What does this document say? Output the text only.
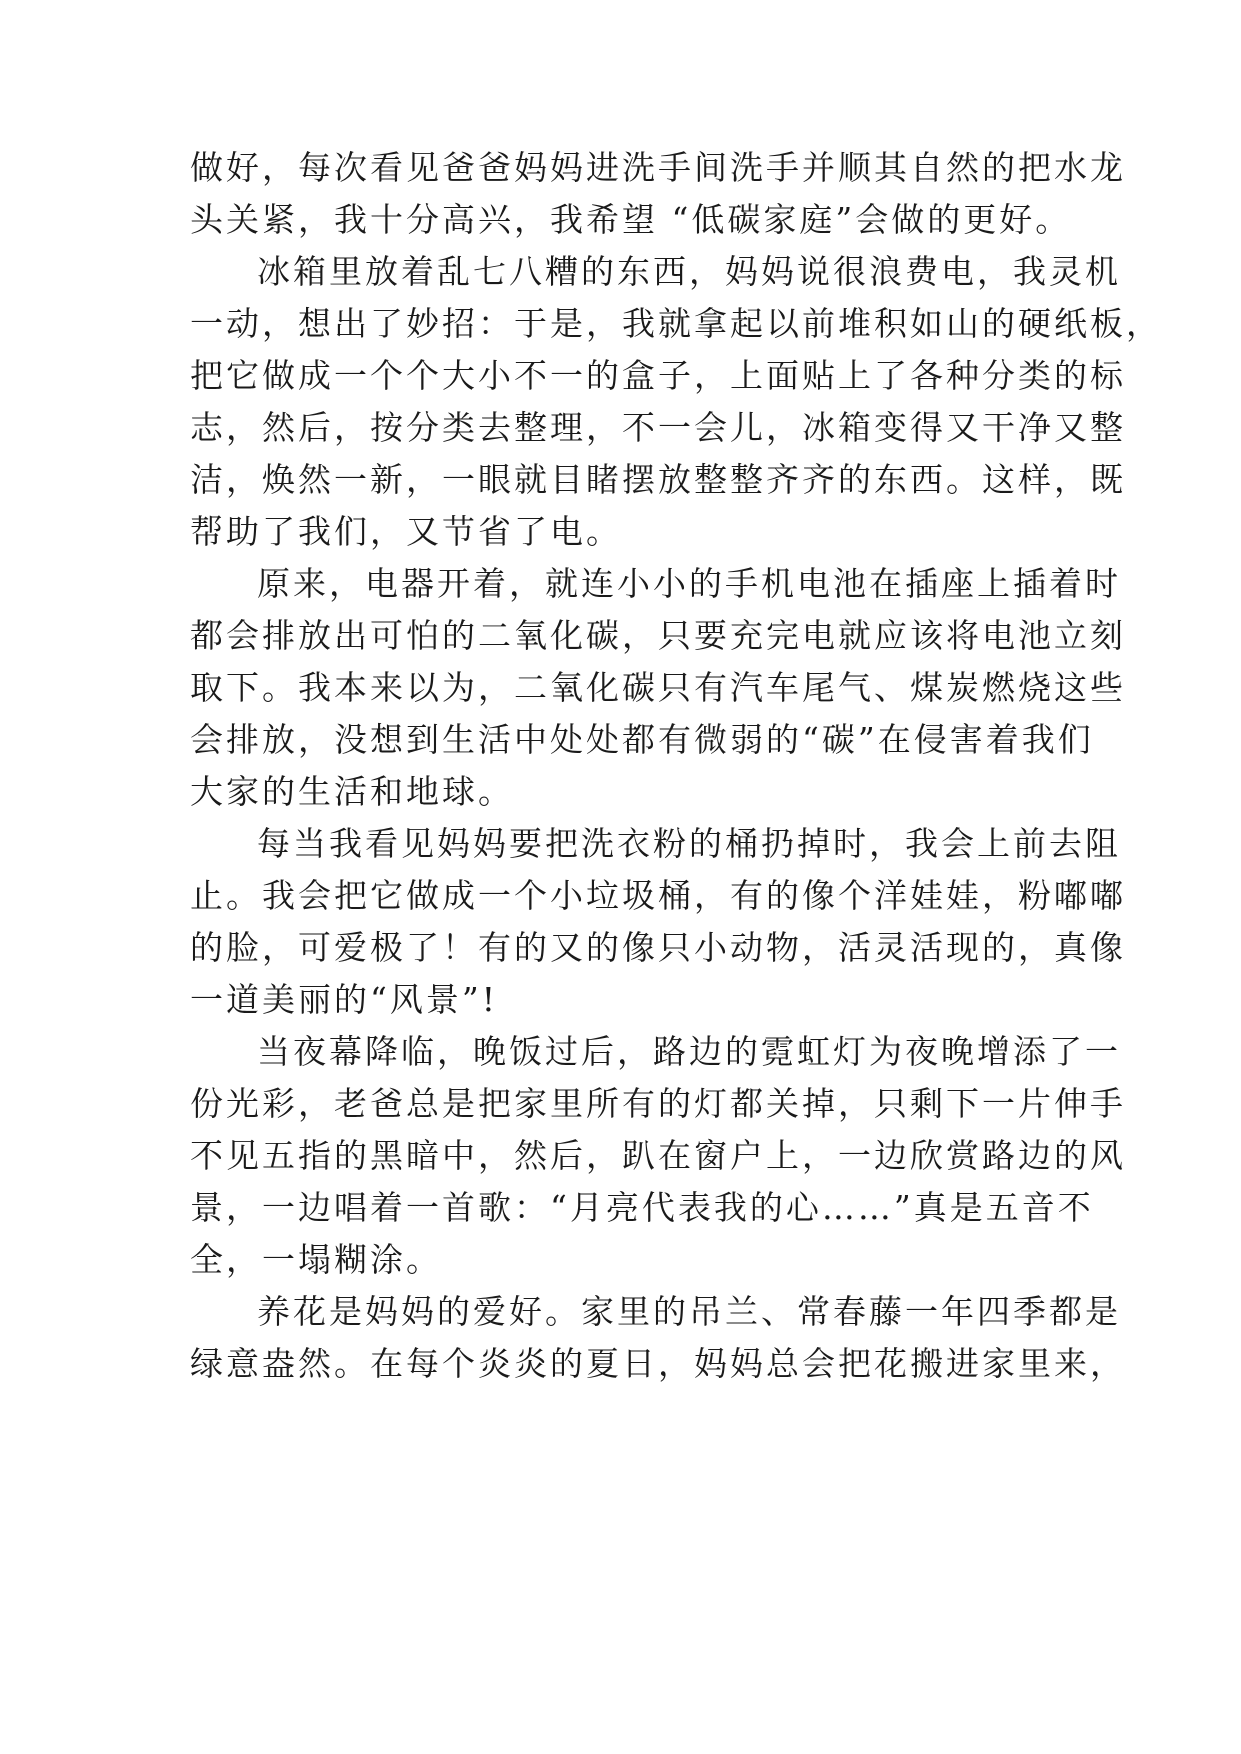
做好，每次看见爸爸妈妈进洗手间洗手并顺其自然的把水龙
头关紧，我十分高兴，我希望 “低碳家庭”会做的更好。
冰箱里放着乱七八糟的东西，妈妈说很浪费电，我灵机
一动，想出了妙招：于是，我就拿起以前堆积如山的硬纸板，
把它做成一个个大小不一的盒子，上面贴上了各种分类的标
志，然后，按分类去整理，不一会儿，冰箱变得又干净又整
洁，焕然一新，一眼就目睹摆放整整齐齐的东西。这样，既
帮助了我们，又节省了电。
原来，电器开着，就连小小的手机电池在插座上插着时
都会排放出可怕的二氧化碳，只要充完电就应该将电池立刻
取下。我本来以为，二氧化碳只有汽车尾气、煤炭燃烧这些
会排放，没想到生活中处处都有微弱的“碳”在侵害着我们
大家的生活和地球。
每当我看见妈妈要把洗衣粉的桶扔掉时，我会上前去阻
止。我会把它做成一个小垃圾桶，有的像个洋娃娃，粉嘟嘟
的脸，可爱极了！有的又的像只小动物，活灵活现的，真像
一道美丽的“风景”!
当夜幕降临，晚饭过后，路边的霓虹灯为夜晚增添了一
份光彩，老爸总是把家里所有的灯都关掉，只剩下一片伸手
不见五指的黑暗中，然后，趴在窗户上，一边欣赏路边的风
景，一边唱着一首歌：“月亮代表我的心……”真是五音不
全，一塌糊涂。
养花是妈妈的爱好。家里的吊兰、常春藤一年四季都是
绿意盎然。在每个炎炎的夏日，妈妈总会把花搬进家里来，
